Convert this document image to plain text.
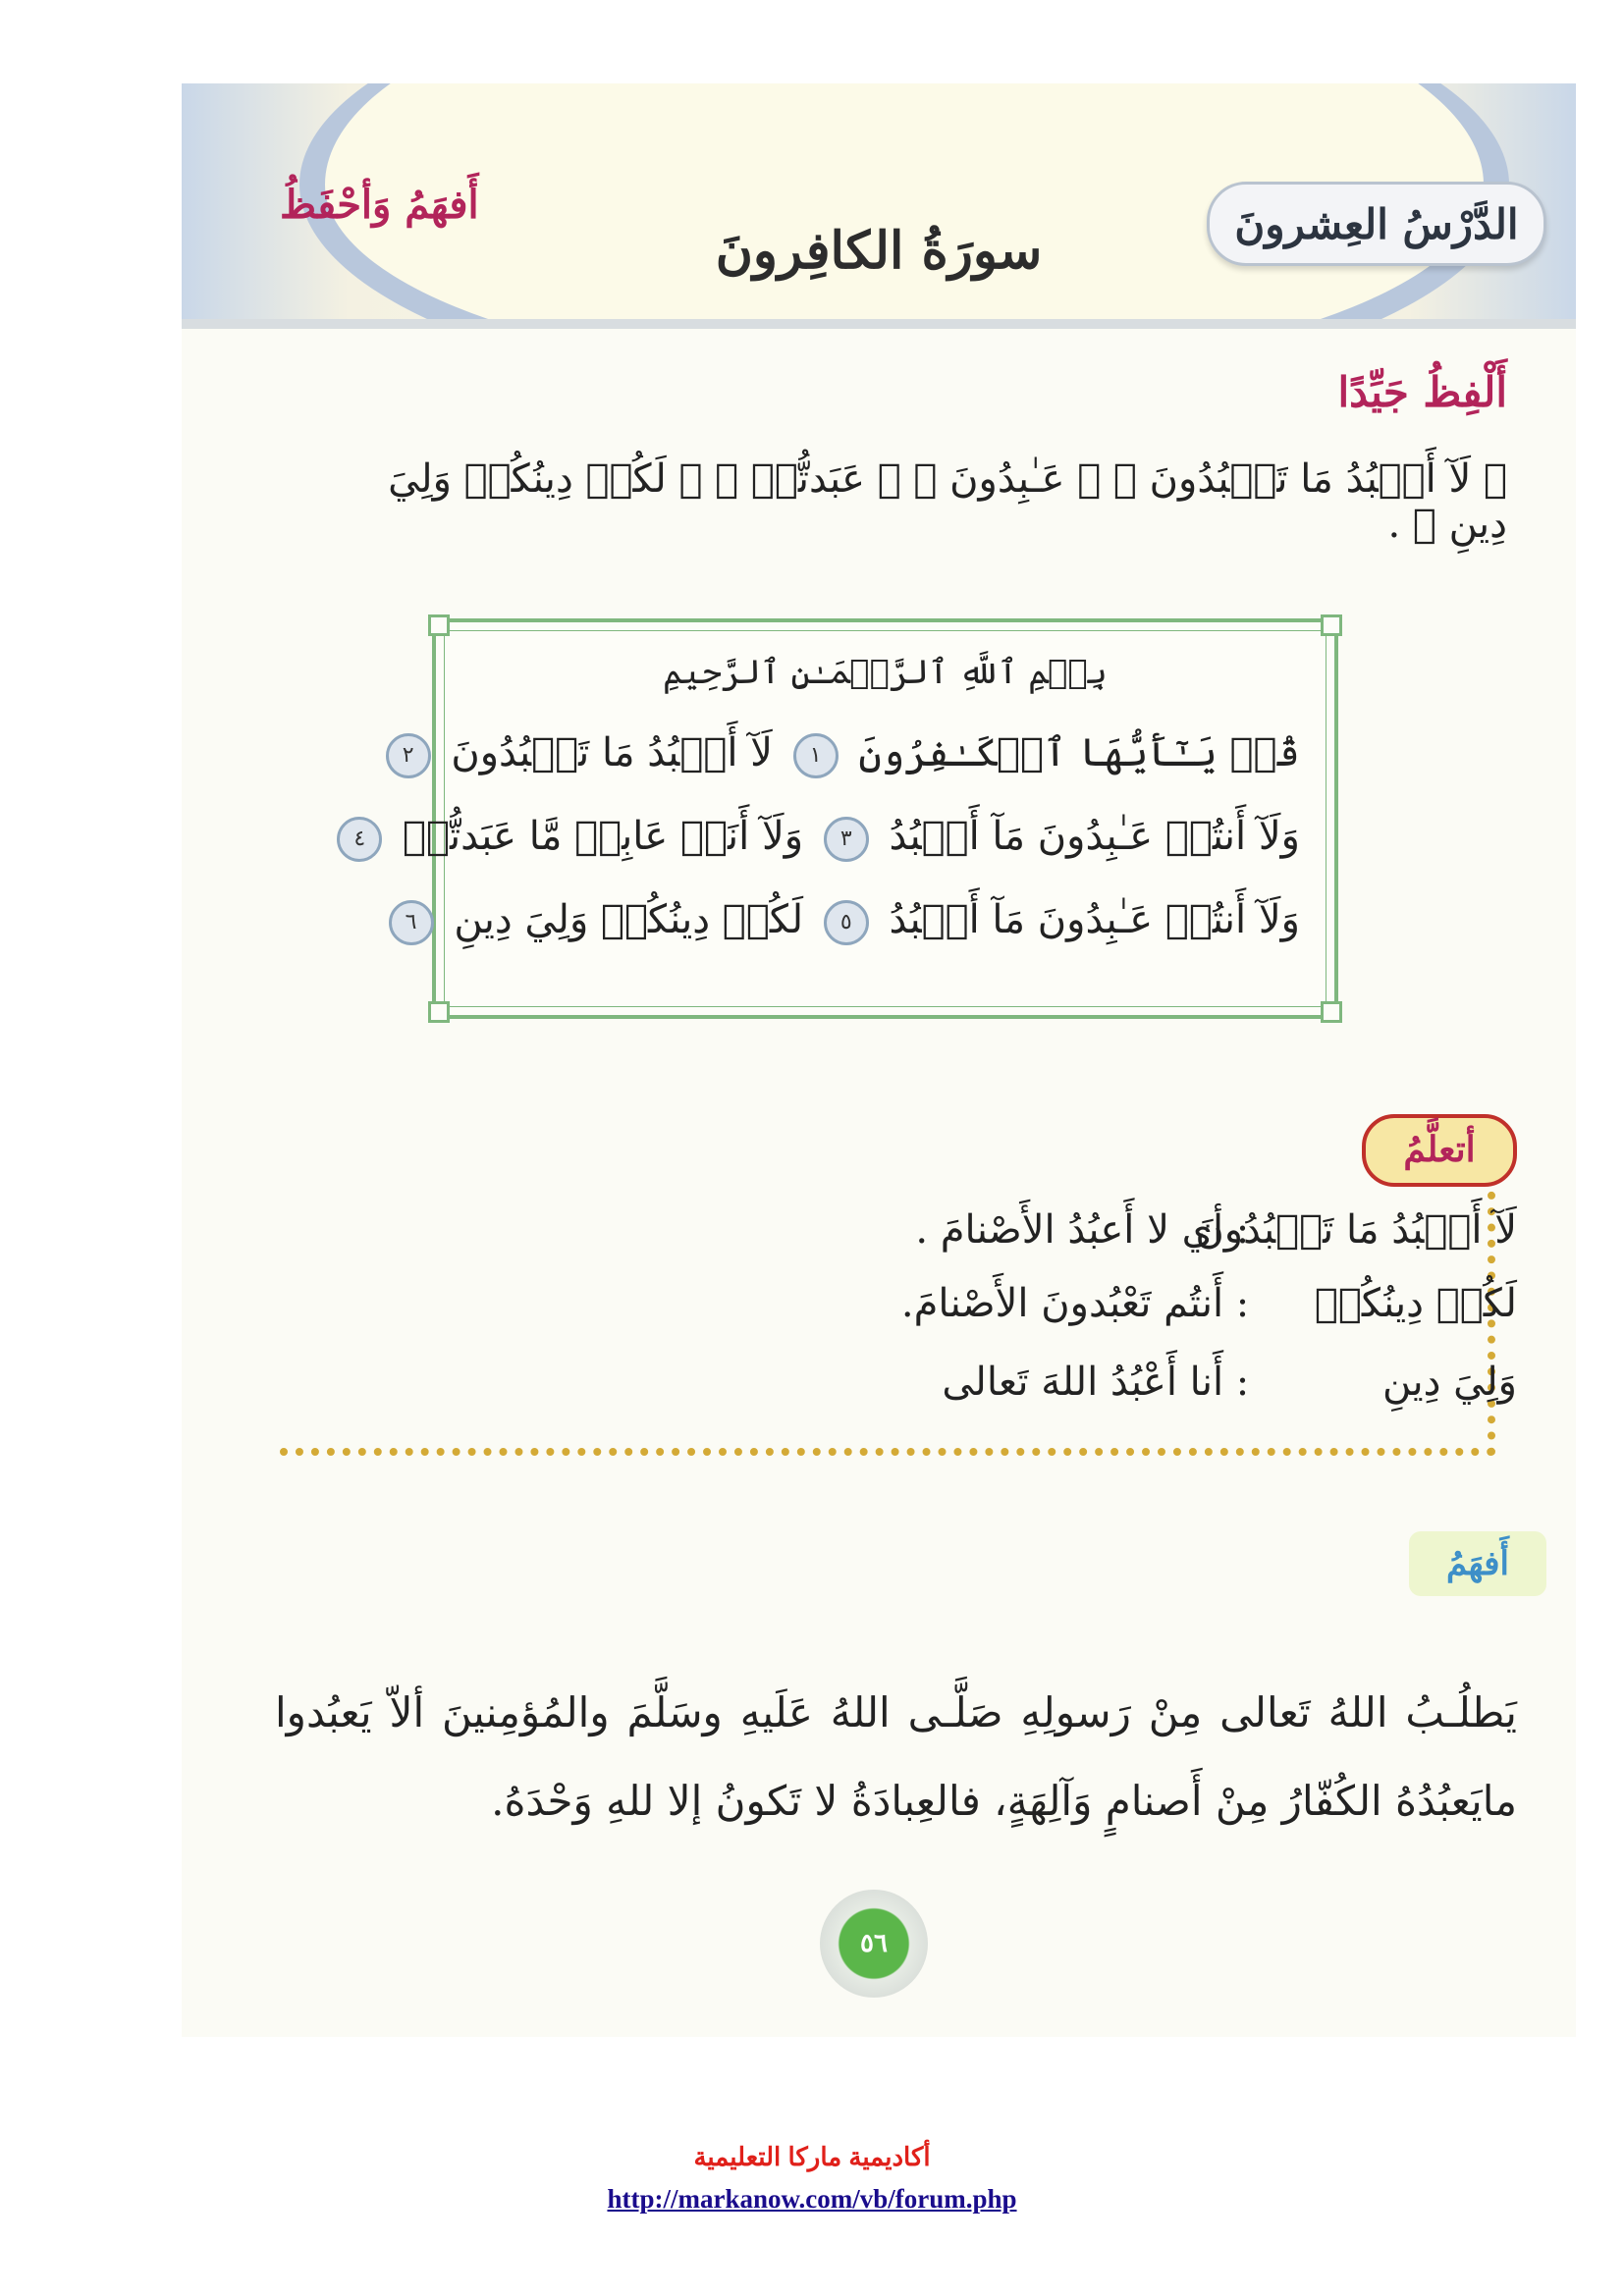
الدَّرْسُ العِشرونَ
سورَةُ الكافِرونَ
أَفهَمُ وَأحْفَظُ
أَلْفِظُ جَيِّدًا
﴿ لَآ أَعۡبُدُ مَا تَعۡبُدُونَ ﴾ ﴿ عَـٰبِدُونَ ﴾ ﴿ عَبَدتُّمۡ ﴾ ﴿ لَكُمۡ دِينُكُمۡ وَلِيَ دِينِ ﴾ .
بِسۡمِ ٱللَّهِ ٱلرَّحۡمَـٰنِ ٱلرَّحِيمِ
قُلۡ يَـٰٓأَيُّهَا ٱلۡكَـٰفِرُونَ ١ لَآ أَعۡبُدُ مَا تَعۡبُدُونَ ٢
وَلَآ أَنتُمۡ عَـٰبِدُونَ مَآ أَعۡبُدُ ٣ وَلَآ أَنَا۠ عَابِدٞ مَّا عَبَدتُّمۡ ٤
وَلَآ أَنتُمۡ عَـٰبِدُونَ مَآ أَعۡبُدُ ٥ لَكُمۡ دِينُكُمۡ وَلِيَ دِينِ ٦
أتعلَّمُ
لَآ أَعۡبُدُ مَا تَعۡبُدُونَ : أي لا أَعبُدُ الأَصْنامَ .
لَكُمۡ دِينُكُمۡ : أَنتُم تَعْبُدونَ الأَصْنامَ.
وَلِيَ دِينِ : أَنا أَعْبُدُ اللهَ تَعالى
أَفهَمُ
يَطلُـبُ اللهُ تَعالى مِنْ رَسولِهِ صَلَّـى اللهُ عَلَيهِ وسَلَّمَ والمُؤمِنينَ ألاّ يَعبُدوا مايَعبُدُهُ الكُفّارُ مِنْ أَصنامٍ وَآلِهَةٍ، فالعِبادَةُ لا تَكونُ إلا للهِ وَحْدَهُ.
٥٦
أكاديمية ماركا التعليمية
http://markanow.com/vb/forum.php
